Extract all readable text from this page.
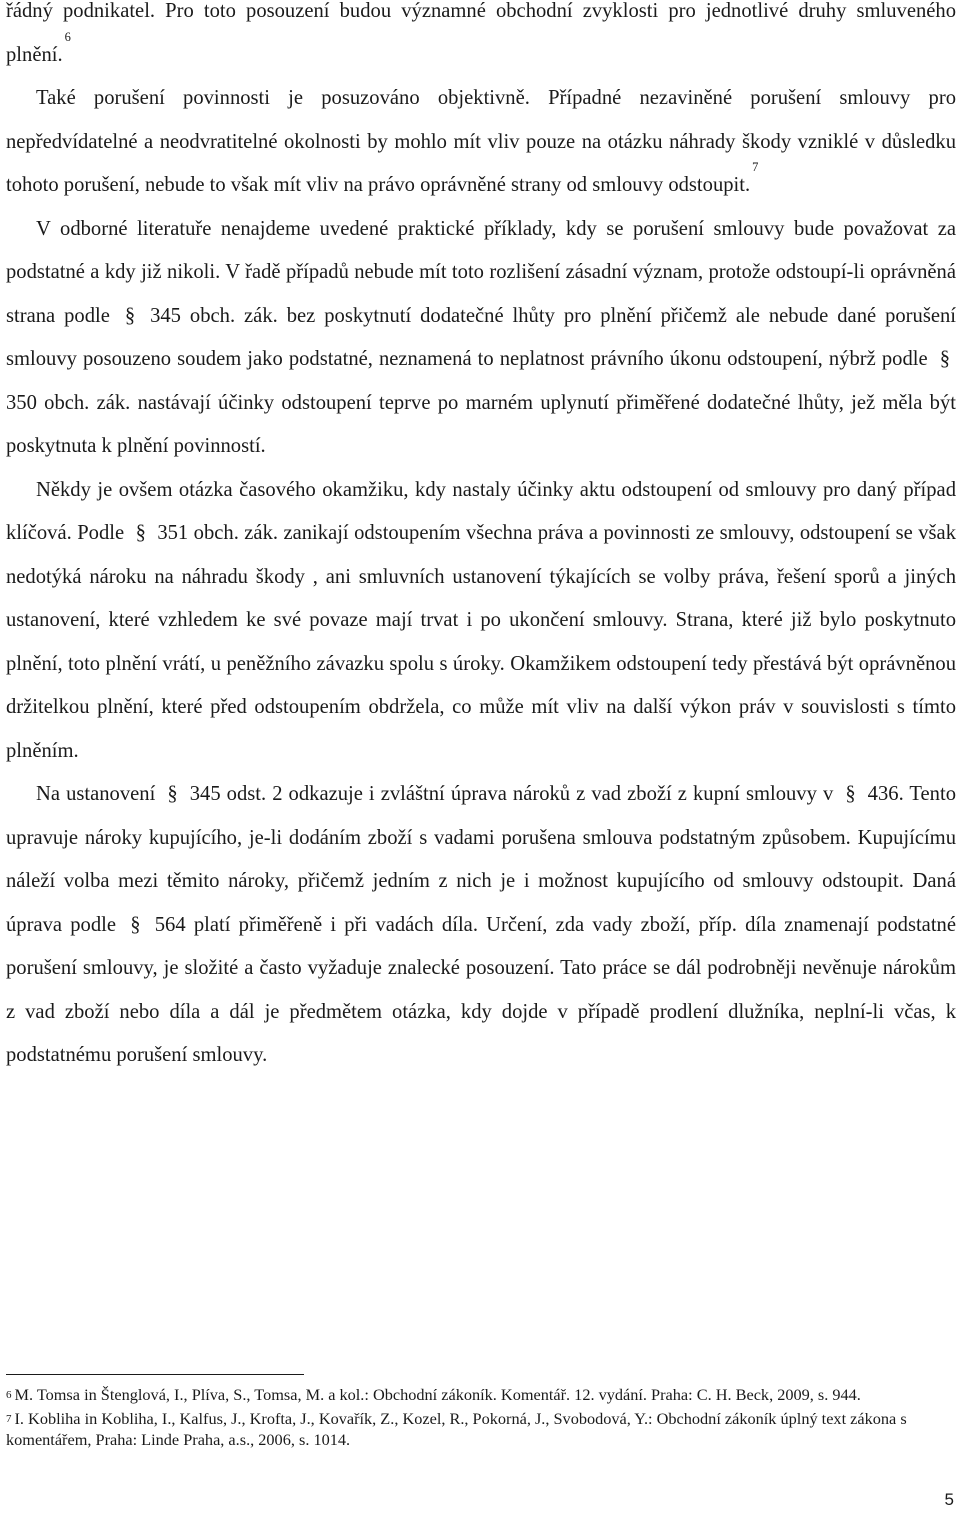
řádný podnikatel. Pro toto posouzení budou významné obchodní zvyklosti pro jednotlivé druhy smluveného plnění.$^6$

Také porušení povinnosti je posuzováno objektivně. Případné nezaviněné porušení smlouvy pro nepředvídatelné a neodvratitelné okolnosti by mohlo mít vliv pouze na otázku náhrady škody vzniklé v důsledku tohoto porušení, nebude to však mít vliv na právo oprávněné strany od smlouvy odstoupit.$^7$

V odborné literatuře nenajdeme uvedené praktické příklady, kdy se porušení smlouvy bude považovat za podstatné a kdy již nikoli. V řadě případů nebude mít toto rozlišení zásadní význam, protože odstoupí-li oprávněná strana podle § 345 obch. zák. bez poskytnutí dodatečné lhůty pro plnění přičemž ale nebude dané porušení smlouvy posouzeno soudem jako podstatné, neznamená to neplatnost právního úkonu odstoupení, nýbrž podle § 350 obch. zák. nastávají účinky odstoupení teprve po marném uplynutí přiměřené dodatečné lhůty, jež měla být poskytnuta k plnění povinností.

Někdy je ovšem otázka časového okamžiku, kdy nastaly účinky aktu odstoupení od smlouvy pro daný případ klíčová. Podle § 351 obch. zák. zanikají odstoupením všechna práva a povinnosti ze smlouvy, odstoupení se však nedotýká nároku na náhradu škody , ani smluvních ustanovení týkajících se volby práva, řešení sporů a jiných ustanovení, které vzhledem ke své povaze mají trvat i po ukončení smlouvy. Strana, které již bylo poskytnuto plnění, toto plnění vrátí, u peněžního závazku spolu s úroky. Okamžikem odstoupení tedy přestává být oprávněnou držitelkou plnění, které před odstoupením obdržela, co může mít vliv na další výkon práv v souvislosti s tímto plněním.

Na ustanovení § 345 odst. 2 odkazuje i zvláštní úprava nároků z vad zboží z kupní smlouvy v § 436. Tento upravuje nároky kupujícího, je-li dodáním zboží s vadami porušena smlouva podstatným způsobem. Kupujícímu náleží volba mezi těmito nároky, přičemž jedním z nich je i možnost kupujícího od smlouvy odstoupit. Daná úprava podle § 564 platí přiměřeně i při vadách díla. Určení, zda vady zboží, příp. díla znamenají podstatné porušení smlouvy, je složité a často vyžaduje znalecké posouzení. Tato práce se dál podrobněji nevěnuje nárokům z vad zboží nebo díla a dál je předmětem otázka, kdy dojde v případě prodlení dlužníka, neplní-li včas, k podstatnému porušení smlouvy.

$^6$ M. Tomsa in Štenglová, I., Plíva, S., Tomsa, M. a kol.: Obchodní zákoník. Komentář. 12. vydání. Praha: C. H. Beck, 2009, s. 944.

$^7$ I. Kobliha in Kobliha, I., Kalfus, J., Krofta, J., Kovařík, Z., Kozel, R., Pokorná, J., Svobodová, Y.: Obchodní zákoník úplný text zákona s komentářem, Praha: Linde Praha, a.s., 2006, s. 1014.

5
